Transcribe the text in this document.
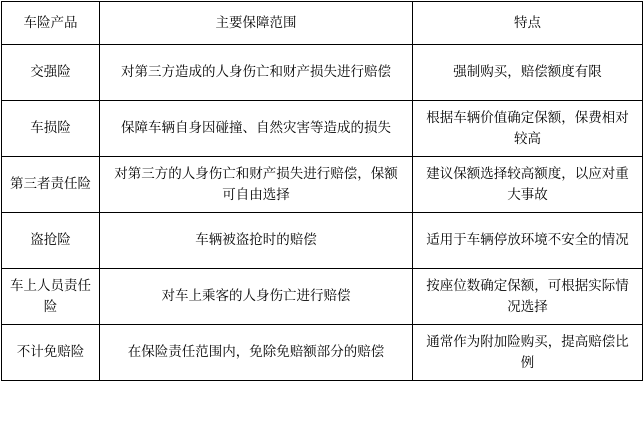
车险产品	主要保障范围	特点
交强险	对第三方造成的人身伤亡和财产损失进行赔偿	强制购买，赔偿额度有限
车损险	保障车辆自身因碰撞、自然灾害等造成的损失	根据车辆价值确定保额，保费相对较高
第三者责任险	对第三方的人身伤亡和财产损失进行赔偿，保额可自由选择	建议保额选择较高额度，以应对重大事故
盗抢险	车辆被盗抢时的赔偿	适用于车辆停放环境不安全的情况
车上人员责任险	对车上乘客的人身伤亡进行赔偿	按座位数确定保额，可根据实际情况选择
不计免赔险	在保险责任范围内，免除免赔额部分的赔偿	通常作为附加险购买，提高赔偿比例
